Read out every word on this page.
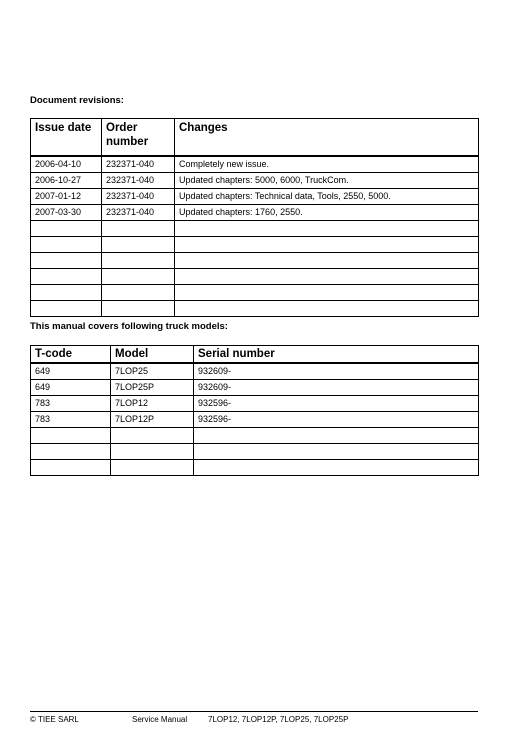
Document revisions:
Issue date	Order number	Changes
2006-04-10	232371-040	Completely new issue.
2006-10-27	232371-040	Updated chapters: 5000, 6000, TruckCom.
2007-01-12	232371-040	Updated chapters: Technical data, Tools, 2550, 5000.
2007-03-30	232371-040	Updated chapters: 1760, 2550.

This manual covers following truck models:
T-code	Model	Serial number
649	7LOP25	932609-
649	7LOP25P	932609-
783	7LOP12	932596-
783	7LOP12P	932596-

© TIEE SARL	Service Manual	7LOP12, 7LOP12P, 7LOP25, 7LOP25P
